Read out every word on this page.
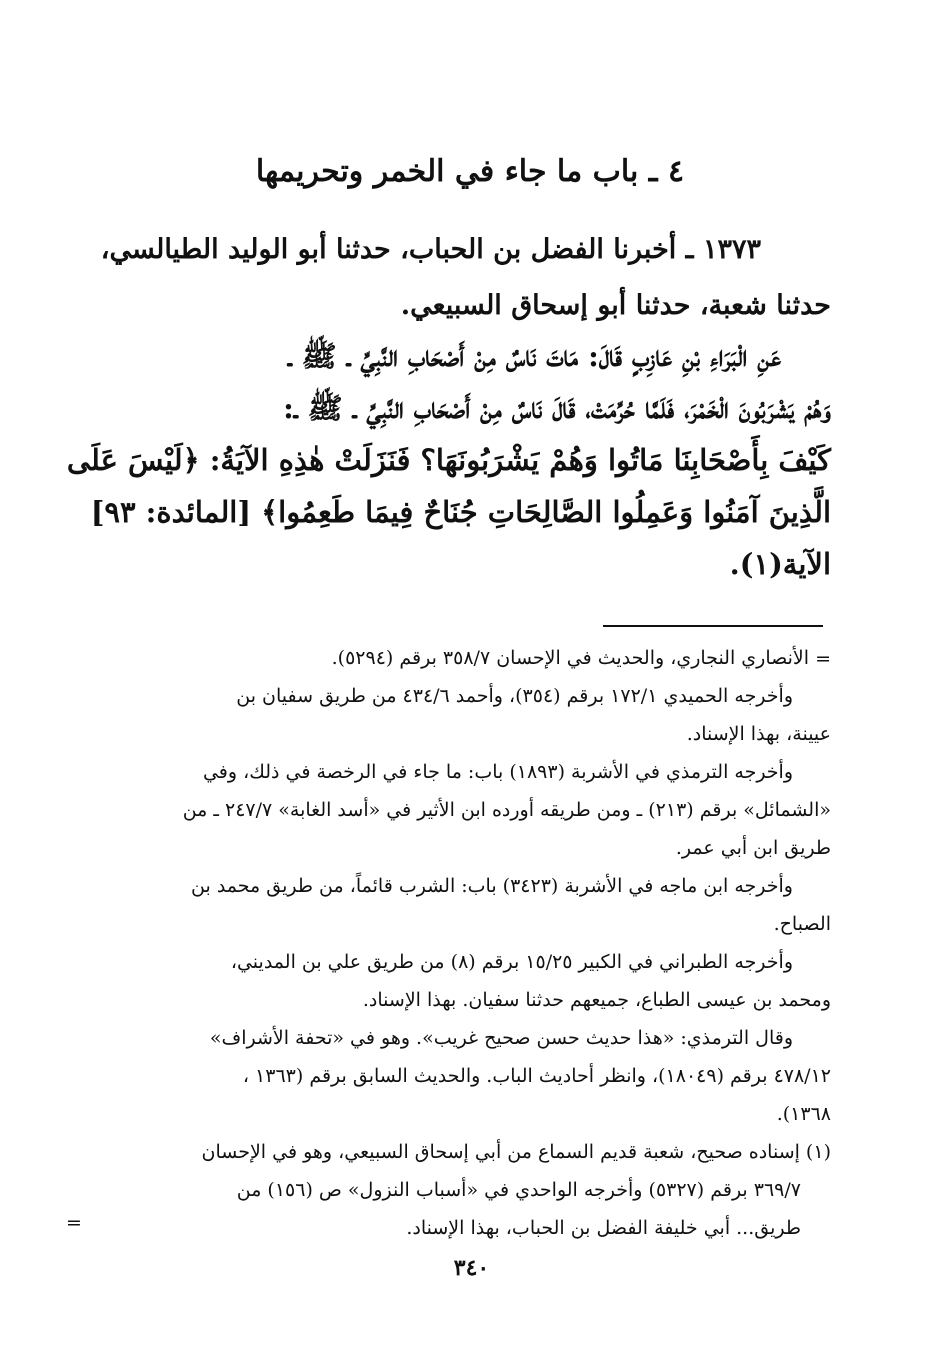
٤ ـ باب ما جاء في الخمر وتحريمها

١٣٧٣ ـ أخبرنا الفضل بن الحباب، حدثنا أبو الوليد الطيالسي،

حدثنا شعبة، حدثنا أبو إسحاق السبيعي.

عَنِ الْبَرَاءِ بْنِ عَازِبٍ قَالَ: مَاتَ نَاسٌ مِنْ أَصْحَابِ النَّبِيِّ ـ ﷺ ـ

وَهُمْ يَشْرَبُونَ الْخَمْرَ، فَلَمَّا حُرِّمَتْ، قَالَ نَاسٌ مِنْ أَصْحَابِ النَّبِيِّ ـ ﷺ ـ:

كَيْفَ بِأَصْحَابِنَا مَاتُوا وَهُمْ يَشْرَبُونَهَا؟ فَنَزَلَتْ هٰذِهِ الآيَةُ: ﴿لَيْسَ عَلَى

الَّذِينَ آمَنُوا وَعَمِلُوا الصَّالِحَاتِ جُنَاحٌ فِيمَا طَعِمُوا﴾ [المائدة: ٩٣]

الآية(١).

الأنصاري النجاري، والحديث في الإحسان ٣٥٨/٧ برقم (٥٢٩٤).

وأخرجه الحميدي ١٧٢/١ برقم (٣٥٤)، وأحمد ٤٣٤/٦ من طريق سفيان بن

عيينة، بهذا الإسناد.

وأخرجه الترمذي في الأشربة (١٨٩٣) باب: ما جاء في الرخصة في ذلك، وفي

«الشمائل» برقم (٢١٣) ـ ومن طريقه أورده ابن الأثير في «أسد الغابة» ٢٤٧/٧ ـ من

طريق ابن أبي عمر.

وأخرجه ابن ماجه في الأشربة (٣٤٢٣) باب: الشرب قائماً، من طريق محمد بن

الصباح.

وأخرجه الطبراني في الكبير ١٥/٢٥ برقم (٨) من طريق علي بن المديني،

ومحمد بن عيسى الطباع، جميعهم حدثنا سفيان. بهذا الإسناد.

وقال الترمذي: «هذا حديث حسن صحيح غريب». وهو في «تحفة الأشراف»

٤٧٨/١٢ برقم (١٨٠٤٩)، وانظر أحاديث الباب. والحديث السابق برقم (١٣٦٣ ،

١٣٦٨).

(١) إسناده صحيح، شعبة قديم السماع من أبي إسحاق السبيعي، وهو في الإحسان

٣٦٩/٧ برقم (٥٣٢٧) وأخرجه الواحدي في «أسباب النزول» ص (١٥٦) من

طريق... أبي خليفة الفضل بن الحباب، بهذا الإسناد.

=
=
٣٤٠
